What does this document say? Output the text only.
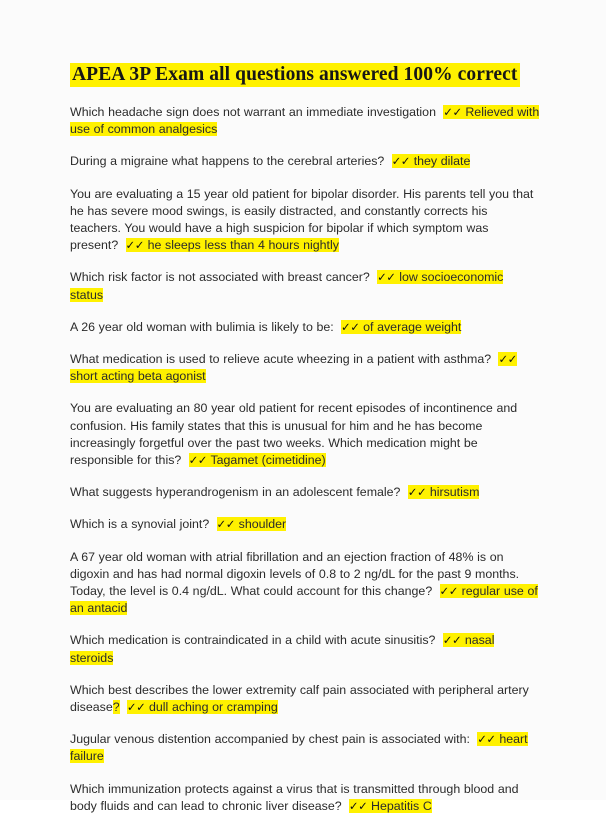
APEA 3P Exam all questions answered 100% correct

Which headache sign does not warrant an immediate investigation ✓✓ Relieved with use of common analgesics

During a migraine what happens to the cerebral arteries? ✓✓ they dilate

You are evaluating a 15 year old patient for bipolar disorder. His parents tell you that he has severe mood swings, is easily distracted, and constantly corrects his teachers. You would have a high suspicion for bipolar if which symptom was present? ✓✓ he sleeps less than 4 hours nightly

Which risk factor is not associated with breast cancer? ✓✓ low socioeconomic status

A 26 year old woman with bulimia is likely to be: ✓✓ of average weight

What medication is used to relieve acute wheezing in a patient with asthma? ✓✓ short acting beta agonist

You are evaluating an 80 year old patient for recent episodes of incontinence and confusion. His family states that this is unusual for him and he has become increasingly forgetful over the past two weeks. Which medication might be responsible for this? ✓✓ Tagamet (cimetidine)

What suggests hyperandrogenism in an adolescent female? ✓✓ hirsutism

Which is a synovial joint? ✓✓ shoulder

A 67 year old woman with atrial fibrillation and an ejection fraction of 48% is on digoxin and has had normal digoxin levels of 0.8 to 2 ng/dL for the past 9 months. Today, the level is 0.4 ng/dL. What could account for this change? ✓✓ regular use of an antacid

Which medication is contraindicated in a child with acute sinusitis? ✓✓ nasal steroids

Which best describes the lower extremity calf pain associated with peripheral artery disease? ✓✓ dull aching or cramping

Jugular venous distention accompanied by chest pain is associated with: ✓✓ heart failure

Which immunization protects against a virus that is transmitted through blood and body fluids and can lead to chronic liver disease? ✓✓ Hepatitis C
